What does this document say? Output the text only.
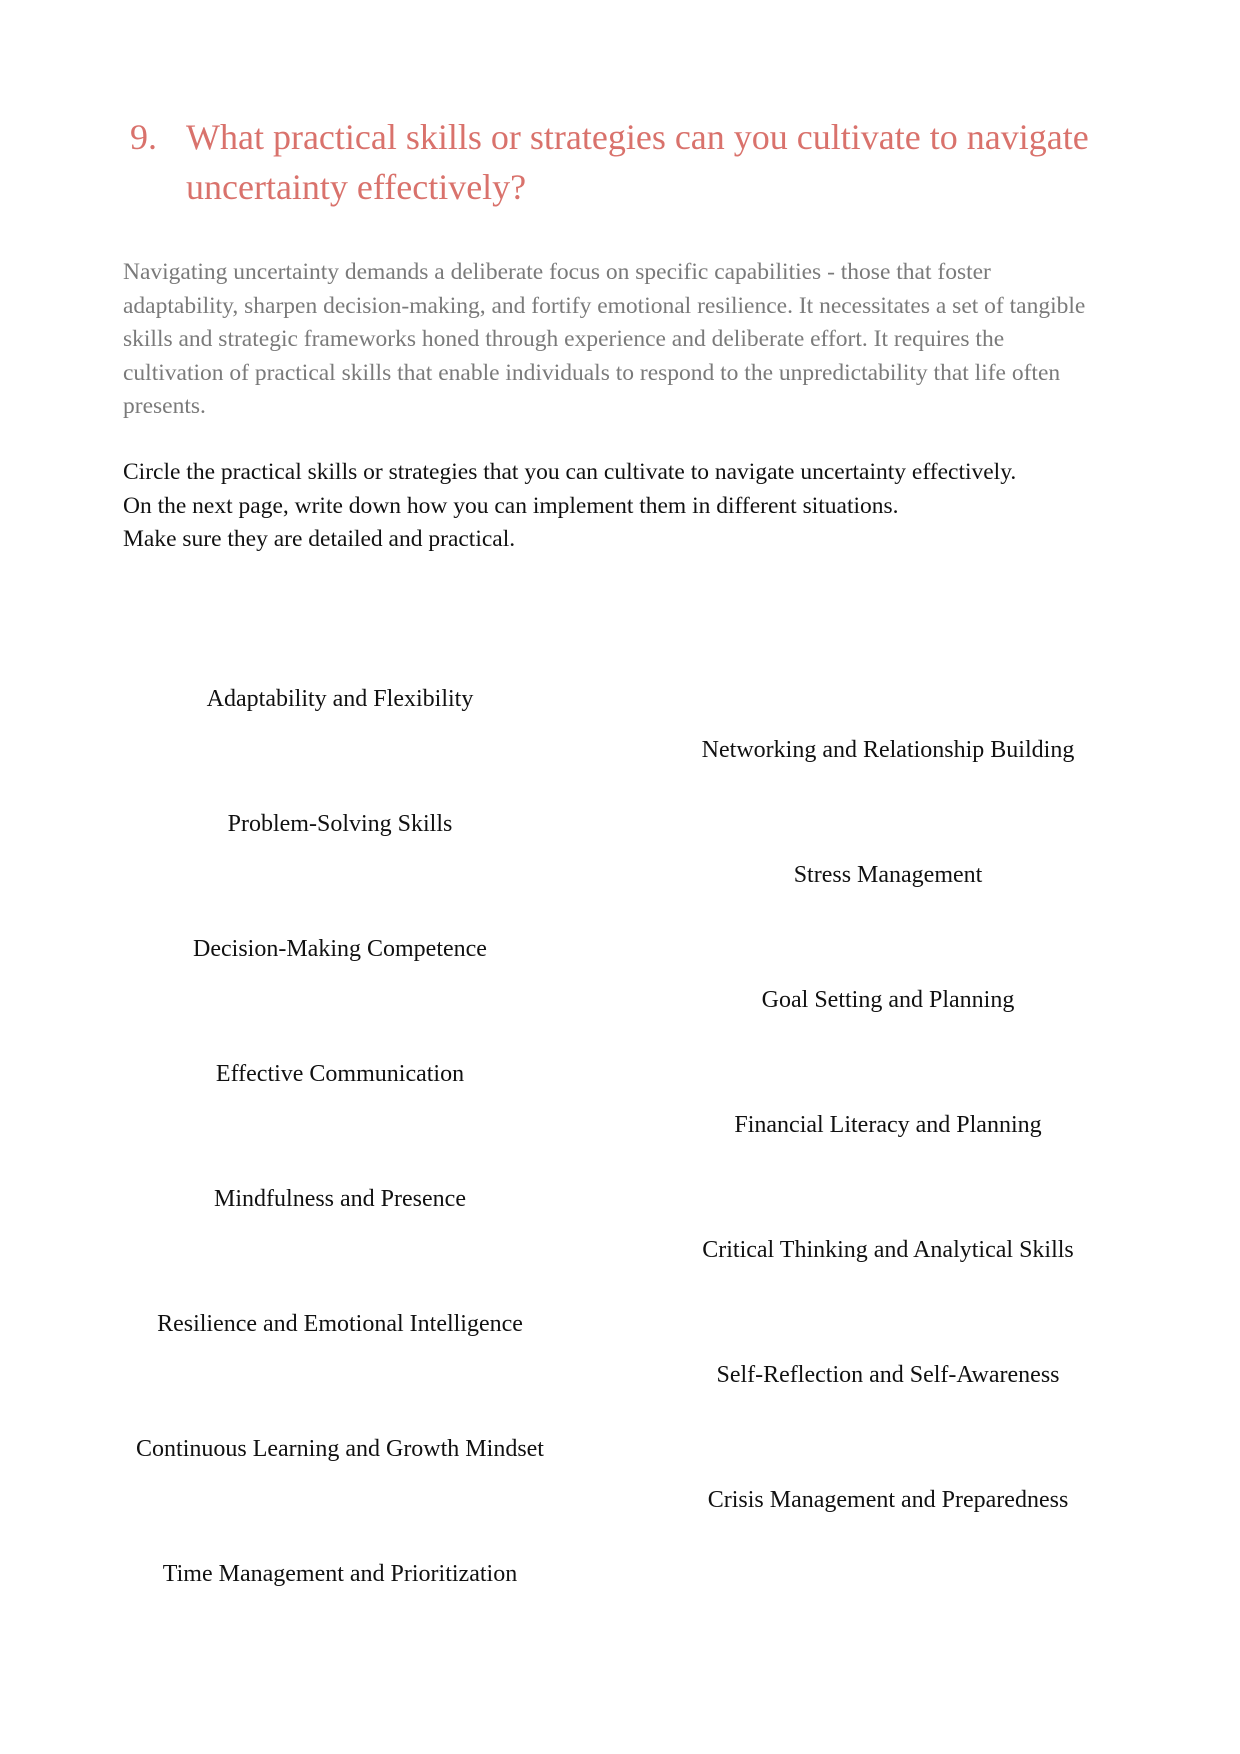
9. What practical skills or strategies can you cultivate to navigate uncertainty effectively?

Navigating uncertainty demands a deliberate focus on specific capabilities - those that foster adaptability, sharpen decision-making, and fortify emotional resilience. It necessitates a set of tangible skills and strategic frameworks honed through experience and deliberate effort. It requires the cultivation of practical skills that enable individuals to respond to the unpredictability that life often presents.

Circle the practical skills or strategies that you can cultivate to navigate uncertainty effectively.
On the next page, write down how you can implement them in different situations.
Make sure they are detailed and practical.

Adaptability and Flexibility
Problem-Solving Skills
Decision-Making Competence
Effective Communication
Mindfulness and Presence
Resilience and Emotional Intelligence
Continuous Learning and Growth Mindset
Time Management and Prioritization
Networking and Relationship Building
Stress Management
Goal Setting and Planning
Financial Literacy and Planning
Critical Thinking and Analytical Skills
Self-Reflection and Self-Awareness
Crisis Management and Preparedness
